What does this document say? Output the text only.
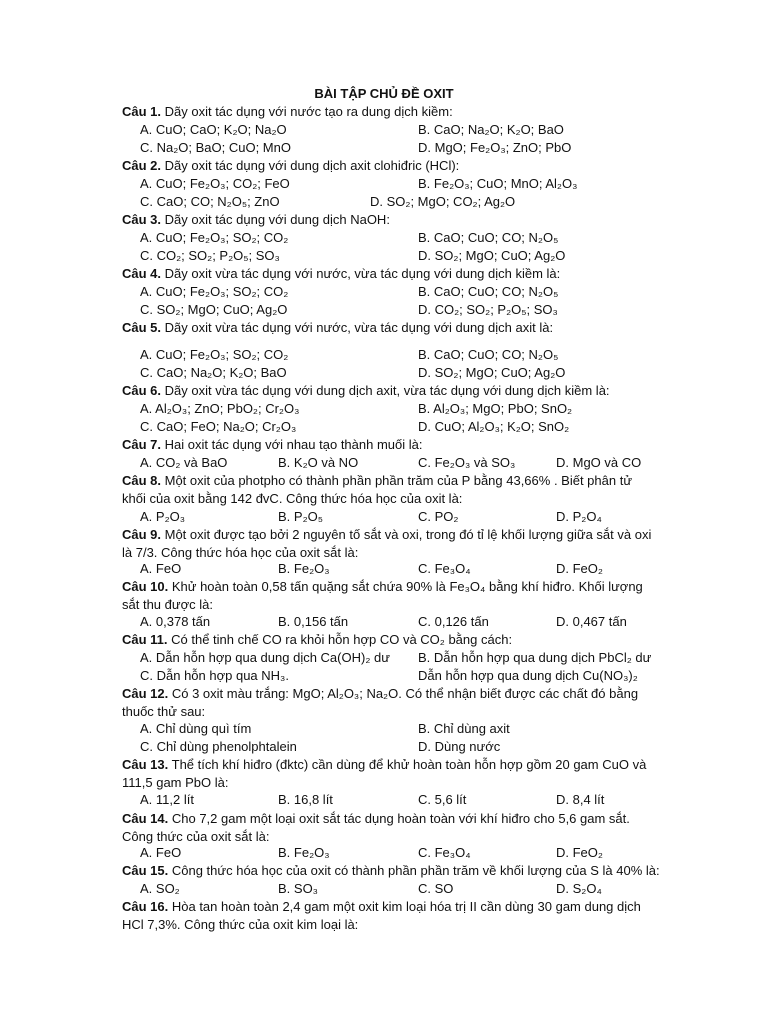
BÀI TẬP CHỦ ĐỀ OXIT
Câu 1. Dãy oxit tác dụng với nước tạo ra dung dịch kiềm:
A. CuO; CaO; K₂O; Na₂O	B. CaO; Na₂O; K₂O; BaO
C. Na₂O; BaO; CuO; MnO	D. MgO; Fe₂O₃; ZnO; PbO
Câu 2. Dãy oxit tác dụng với dung dịch axit clohiđric (HCl):
A. CuO; Fe₂O₃; CO₂; FeO	B. Fe₂O₃; CuO; MnO; Al₂O₃
C. CaO; CO; N₂O₅; ZnO	D. SO₂; MgO; CO₂; Ag₂O
Câu 3. Dãy oxit tác dụng với dung dịch NaOH:
A. CuO; Fe₂O₃; SO₂; CO₂	B. CaO; CuO; CO; N₂O₅
C. CO₂; SO₂; P₂O₅; SO₃	D. SO₂; MgO; CuO; Ag₂O
Câu 4. Dãy oxit vừa tác dụng với nước, vừa tác dụng với dung dịch kiềm là:
A. CuO; Fe₂O₃; SO₂; CO₂	B. CaO; CuO; CO; N₂O₅
C. SO₂; MgO; CuO; Ag₂O	D. CO₂; SO₂; P₂O₅; SO₃
Câu 5. Dãy oxit vừa tác dụng với nước, vừa tác dụng với dung dịch axit là:
A. CuO; Fe₂O₃; SO₂; CO₂	B. CaO; CuO; CO; N₂O₅
C. CaO; Na₂O; K₂O; BaO	D. SO₂; MgO; CuO; Ag₂O
Câu 6. Dãy oxit vừa tác dụng với dung dịch axit, vừa tác dụng với dung dịch kiềm là:
A. Al₂O₃; ZnO; PbO₂; Cr₂O₃	B. Al₂O₃; MgO; PbO; SnO₂
C. CaO; FeO; Na₂O; Cr₂O₃	D. CuO; Al₂O₃; K₂O; SnO₂
Câu 7. Hai oxit tác dụng với nhau tạo thành muối là:
A. CO₂ và BaO	B. K₂O và NO	C. Fe₂O₃ và SO₃	D. MgO và CO
Câu 8. Một oxit của photpho có thành phần phần trăm của P bằng 43,66% . Biết phân tử khối của oxit bằng 142 đvC. Công thức hóa học của oxit là:
A. P₂O₃	B. P₂O₅	C. PO₂	D. P₂O₄
Câu 9. Một oxit được tạo bởi 2 nguyên tố sắt và oxi, trong đó tỉ lệ khối lượng giữa sắt và oxi là 7/3. Công thức hóa học của oxit sắt là:
A. FeO	B. Fe₂O₃	C. Fe₃O₄	D. FeO₂
Câu 10. Khử hoàn toàn 0,58 tấn quặng sắt chứa 90% là Fe₃O₄ bằng khí hiđro. Khối lượng sắt thu được là:
A. 0,378 tấn	B. 0,156 tấn	C. 0,126 tấn	D. 0,467 tấn
Câu 11. Có thể tinh chế CO ra khỏi hỗn hợp CO và CO₂ bằng cách:
A. Dẫn hỗn hợp qua dung dịch Ca(OH)₂ dư B. Dẫn hỗn hợp qua dung dịch PbCl₂ dư
C. Dẫn hỗn hợp qua NH₃.	Dẫn hỗn hợp qua dung dịch Cu(NO₃)₂
Câu 12. Có 3 oxit màu trắng: MgO; Al₂O₃; Na₂O. Có thể nhận biết được các chất đó bằng thuốc thử sau:
A. Chỉ dùng quì tím	B. Chỉ dùng axit
C. Chỉ dùng phenolphtalein	D. Dùng nước
Câu 13. Thể tích khí hiđro (đktc) cần dùng để khử hoàn toàn hỗn hợp gồm 20 gam CuO và 111,5 gam PbO là:
A. 11,2 lít	B. 16,8 lít	C. 5,6 lít	D. 8,4 lít
Câu 14. Cho 7,2 gam một loại oxit sắt tác dụng hoàn toàn với khí hiđro cho 5,6 gam sắt. Công thức của oxit sắt là:
A. FeO	B. Fe₂O₃	C. Fe₃O₄	D. FeO₂
Câu 15. Công thức hóa học của oxit có thành phần phần trăm về khối lượng của S là 40% là:
A. SO₂	B. SO₃	C. SO	D. S₂O₄
Câu 16. Hòa tan hoàn toàn 2,4 gam một oxit kim loại hóa trị II cần dùng 30 gam dung dịch HCl 7,3%. Công thức của oxit kim loại là:
